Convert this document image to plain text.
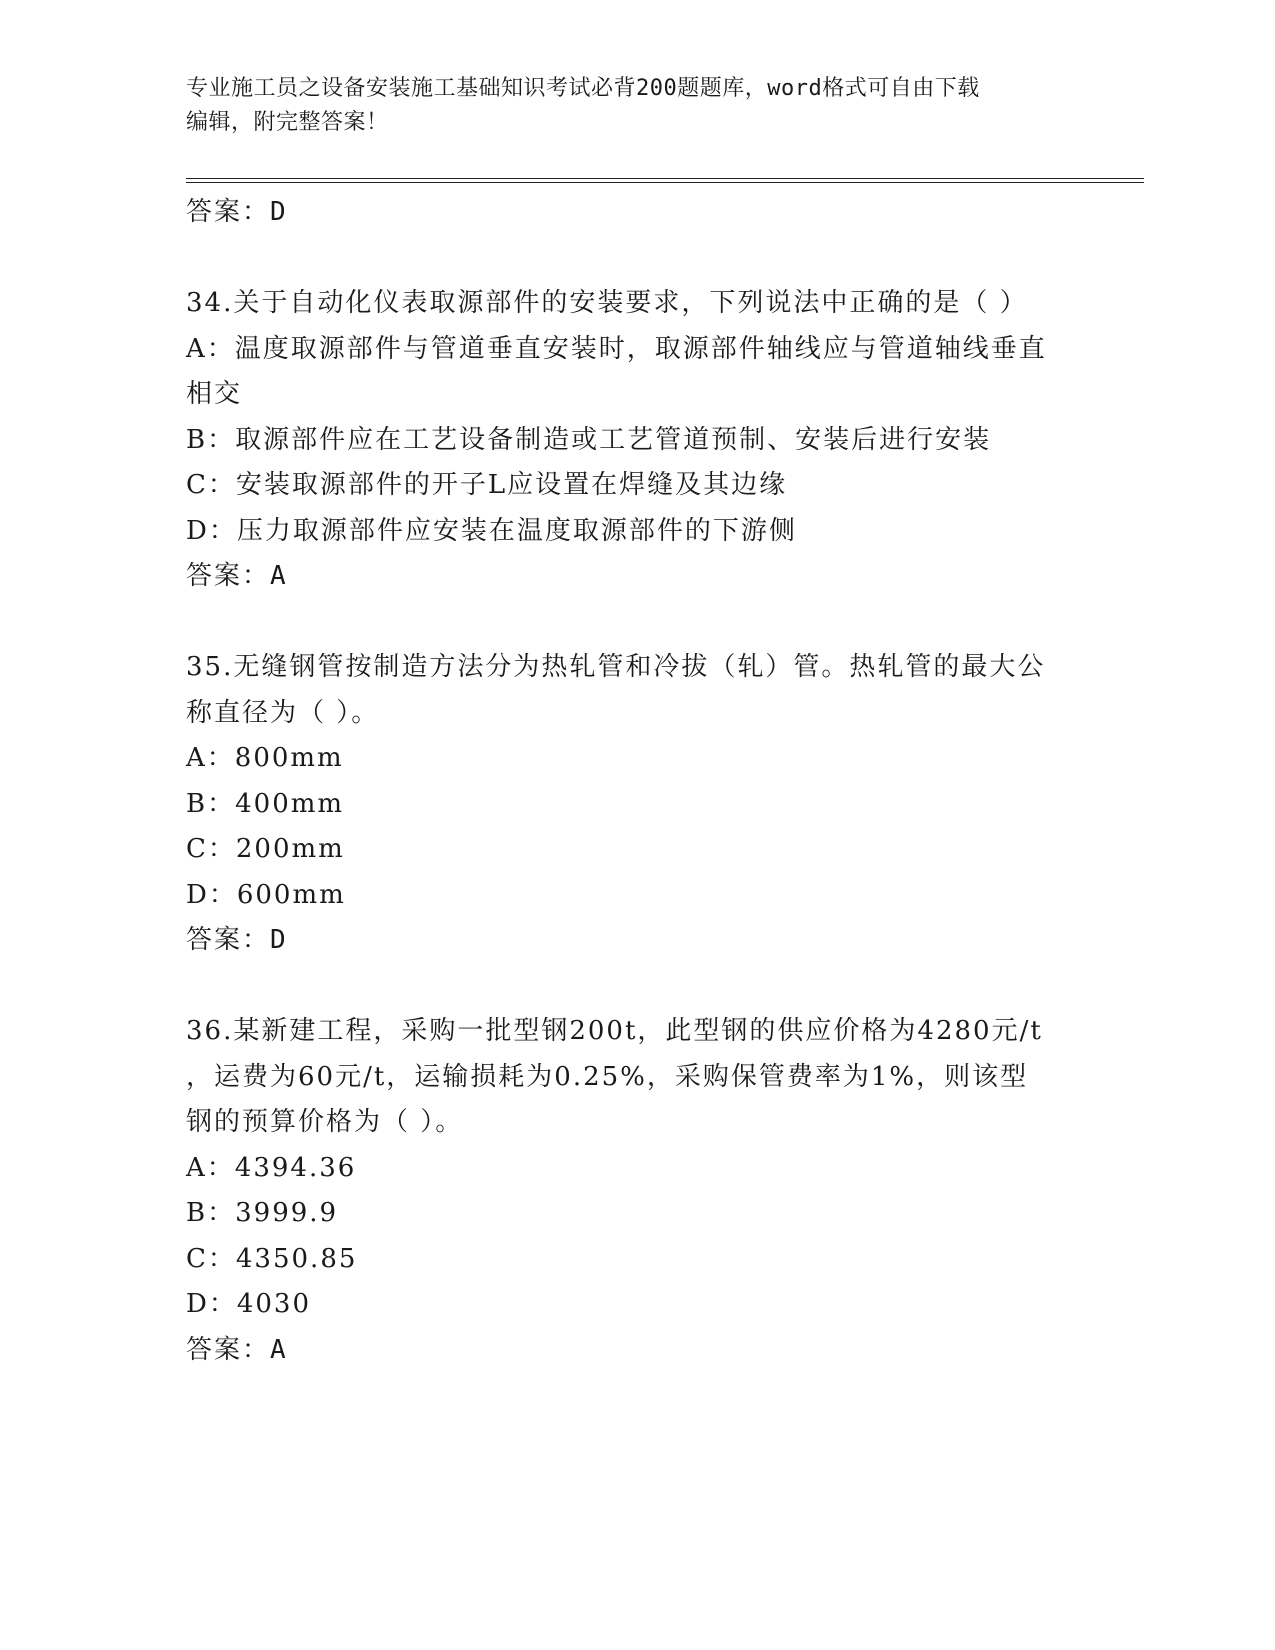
专业施工员之设备安装施工基础知识考试必背200题题库，word格式可自由下载
编辑，附完整答案！
答案：D
34.关于自动化仪表取源部件的安装要求，下列说法中正确的是（ ）
A：温度取源部件与管道垂直安装时，取源部件轴线应与管道轴线垂直
相交
B：取源部件应在工艺设备制造或工艺管道预制、安装后进行安装
C：安装取源部件的开子L应设置在焊缝及其边缘
D：压力取源部件应安装在温度取源部件的下游侧
答案：A
35.无缝钢管按制造方法分为热轧管和冷拔（轧）管。热轧管的最大公
称直径为（ ）。
A：800mm
B：400mm
C：200mm
D：600mm
答案：D
36.某新建工程，采购一批型钢200t，此型钢的供应价格为4280元/t
，运费为60元/t，运输损耗为0.25%，采购保管费率为1%，则该型
钢的预算价格为（ ）。
A：4394.36
B：3999.9
C：4350.85
D：4030
答案：A
